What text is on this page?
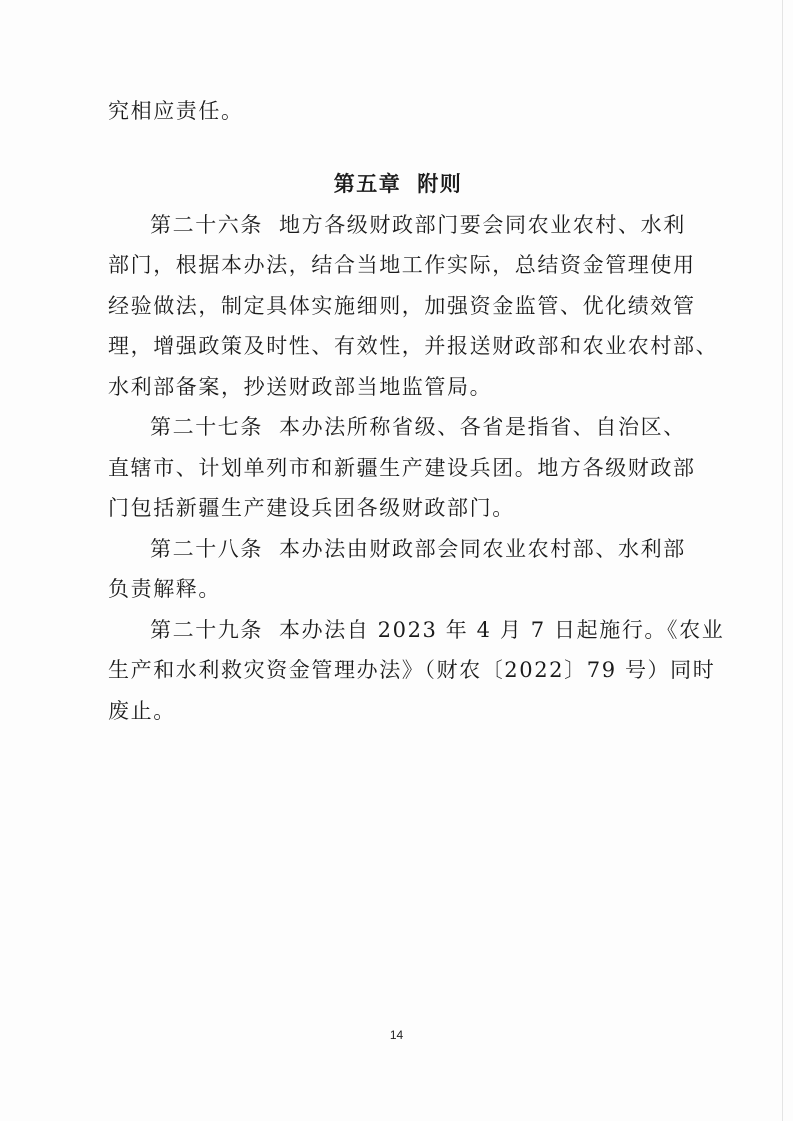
究相应责任。
第五章 附则
第二十六条 地方各级财政部门要会同农业农村、水利
部门，根据本办法，结合当地工作实际，总结资金管理使用
经验做法，制定具体实施细则，加强资金监管、优化绩效管
理，增强政策及时性、有效性，并报送财政部和农业农村部、
水利部备案，抄送财政部当地监管局。
第二十七条 本办法所称省级、各省是指省、自治区、
直辖市、计划单列市和新疆生产建设兵团。地方各级财政部
门包括新疆生产建设兵团各级财政部门。
第二十八条 本办法由财政部会同农业农村部、水利部
负责解释。
第二十九条 本办法自 2023 年 4 月 7 日起施行。《农业
生产和水利救灾资金管理办法》（财农〔2022〕79 号）同时
废止。
14
